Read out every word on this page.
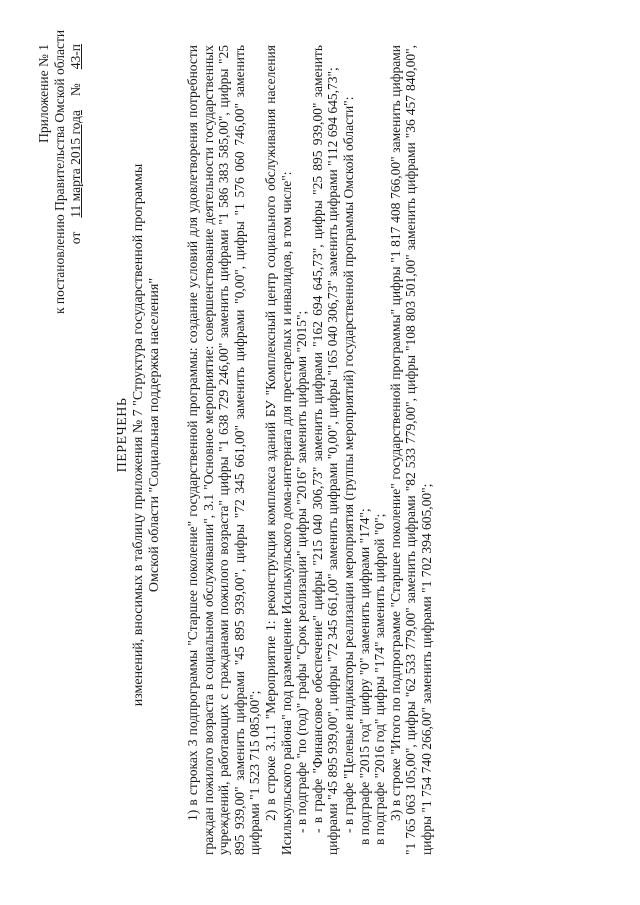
Приложение № 1 к постановлению Правительства Омской области от11 марта 2015 года№43-п
ПЕРЕЧЕНЬ изменений, вносимых в таблицу приложения № 7 "Структура государственной программы Омской области "Социальная поддержка населения" 1) в строках 3 подпрограммы "Старшее поколение" государственной программы: создание условий для удовлетворения потребности граждан пожилого возраста в социальном обслуживании", 3.1 "Основное мероприятие: совершенствование деятельности государственных учреждений, работающих с гражданами пожилого возраста" цифры "1 638 729 246,00" заменить цифрами "1 586 383 585,00", цифры "25 895 939,00" заменить цифрами "45 895 939,00", цифры "72 345 661,00" заменить цифрами "0,00", цифры "1 576 060 746,00" заменить цифрами "1 523 715 085,00"; 2) в строке 3.1.1 "Мероприятие 1: реконструкция комплекса зданий БУ "Комплексный центр социального обслуживания населения Исилькульского района" под размещение Исилькульского дома-интерната для престарелых и инвалидов, в том числе": - в подграфе "по (год)" графы "Срок реализации" цифры "2016" заменить цифрами "2015"; - в графе "Финансовое обеспечение" цифры "215 040 306,73" заменить цифрами "162 694 645,73", цифры "25 895 939,00" заменить цифрами "45 895 939,00", цифры "72 345 661,00" заменить цифрами "0,00", цифры "165 040 306,73" заменить цифрами "112 694 645,73"; - в графе "Целевые индикаторы реализации мероприятия (группы мероприятий) государственной программы Омской области": в подграфе "2015 год" цифру "0" заменить цифрами "174"; в подграфе "2016 год" цифры "174" заменить цифрой "0"; 3) в строке "Итого по подпрограмме "Старшее поколение" государственной программы" цифры "1 817 408 766,00" заменить цифрами "1 765 063 105,00", цифры "62 533 779,00" заменить цифрами "82 533 779,00", цифры "108 803 501,00" заменить цифрами "36 457 840,00", цифры "1 754 740 266,00" заменить цифрами "1 702 394 605,00";
